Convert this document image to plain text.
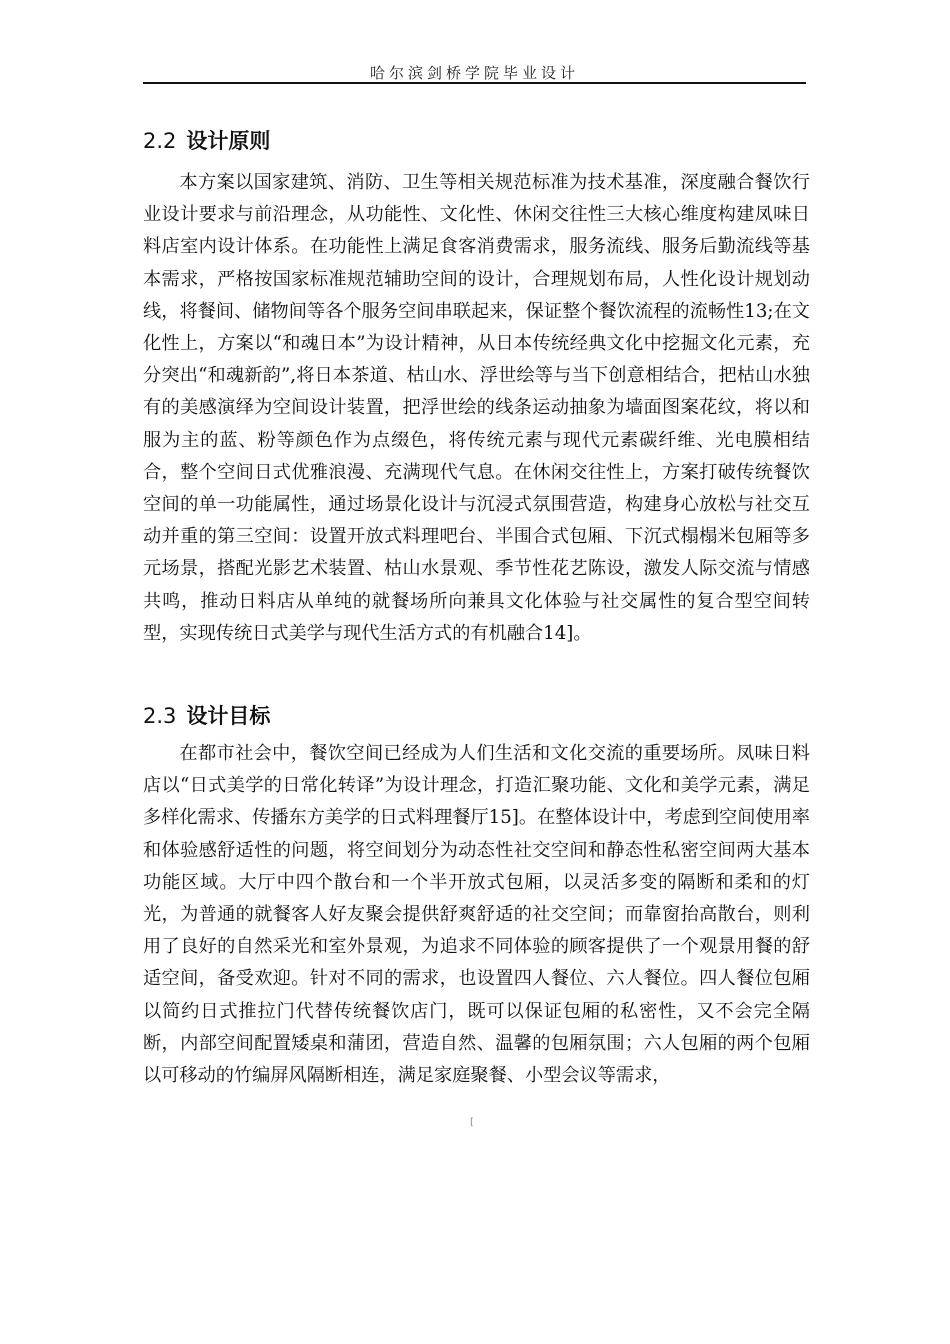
哈尔滨剑桥学院毕业设计
2.2 设计原则

本方案以国家建筑、消防、卫生等相关规范标准为技术基准，深度融合餐饮行业设计要求与前沿理念，从功能性、文化性、休闲交往性三大核心维度构建凤味日料店室内设计体系。在功能性上满足食客消费需求，服务流线、服务后勤流线等基本需求，严格按国家标准规范辅助空间的设计，合理规划布局，人性化设计规划动线，将餐间、储物间等各个服务空间串联起来，保证整个餐饮流程的流畅性13;在文化性上，方案以“和魂日本”为设计精神，从日本传统经典文化中挖掘文化元素，充分突出“和魂新韵”,将日本茶道、枯山水、浮世绘等与当下创意相结合，把枯山水独有的美感演绎为空间设计装置，把浮世绘的线条运动抽象为墙面图案花纹，将以和服为主的蓝、粉等颜色作为点缀色，将传统元素与现代元素碳纤维、光电膜相结合，整个空间日式优雅浪漫、充满现代气息。在休闲交往性上，方案打破传统餐饮空间的单一功能属性，通过场景化设计与沉浸式氛围营造，构建身心放松与社交互动并重的第三空间：设置开放式料理吧台、半围合式包厢、下沉式榻榻米包厢等多元场景，搭配光影艺术装置、枯山水景观、季节性花艺陈设，激发人际交流与情感共鸣，推动日料店从单纯的就餐场所向兼具文化体验与社交属性的复合型空间转型，实现传统日式美学与现代生活方式的有机融合14]。

2.3 设计目标

在都市社会中，餐饮空间已经成为人们生活和文化交流的重要场所。凤味日料店以“日式美学的日常化转译”为设计理念，打造汇聚功能、文化和美学元素，满足多样化需求、传播东方美学的日式料理餐厅15]。在整体设计中，考虑到空间使用率和体验感舒适性的问题，将空间划分为动态性社交空间和静态性私密空间两大基本功能区域。大厅中四个散台和一个半开放式包厢，以灵活多变的隔断和柔和的灯光，为普通的就餐客人好友聚会提供舒爽舒适的社交空间；而靠窗抬高散台，则利用了良好的自然采光和室外景观，为追求不同体验的顾客提供了一个观景用餐的舒适空间，备受欢迎。针对不同的需求，也设置四人餐位、六人餐位。四人餐位包厢以简约日式推拉门代替传统餐饮店门，既可以保证包厢的私密性，又不会完全隔断，内部空间配置矮桌和蒲团，营造自然、温馨的包厢氛围；六人包厢的两个包厢以可移动的竹编屏风隔断相连，满足家庭聚餐、小型会议等需求，

[
